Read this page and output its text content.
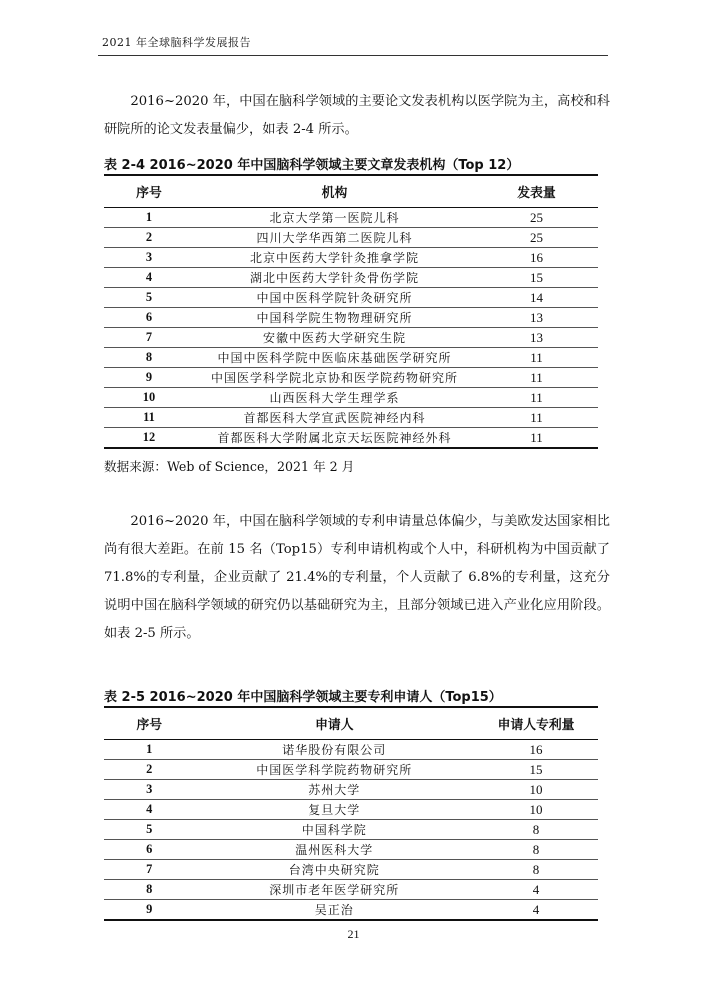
2021 年全球脑科学发展报告
2016~2020 年，中国在脑科学领域的主要论文发表机构以医学院为主，高校和科研院所的论文发表量偏少，如表 2-4 所示。
表 2-4 2016~2020 年中国脑科学领域主要文章发表机构（Top 12）
序号	机构	发表量
1	北京大学第一医院儿科	25
2	四川大学华西第二医院儿科	25
3	北京中医药大学针灸推拿学院	16
4	湖北中医药大学针灸骨伤学院	15
5	中国中医科学院针灸研究所	14
6	中国科学院生物物理研究所	13
7	安徽中医药大学研究生院	13
8	中国中医科学院中医临床基础医学研究所	11
9	中国医学科学院北京协和医学院药物研究所	11
10	山西医科大学生理学系	11
11	首都医科大学宣武医院神经内科	11
12	首都医科大学附属北京天坛医院神经外科	11
数据来源：Web of Science，2021 年 2 月
2016~2020 年，中国在脑科学领域的专利申请量总体偏少，与美欧发达国家相比尚有很大差距。在前 15 名（Top15）专利申请机构或个人中，科研机构为中国贡献了 71.8%的专利量，企业贡献了 21.4%的专利量，个人贡献了 6.8%的专利量，这充分说明中国在脑科学领域的研究仍以基础研究为主，且部分领域已进入产业化应用阶段。如表 2-5 所示。
表 2-5 2016~2020 年中国脑科学领域主要专利申请人（Top15）
序号	申请人	申请人专利量
1	诺华股份有限公司	16
2	中国医学科学院药物研究所	15
3	苏州大学	10
4	复旦大学	10
5	中国科学院	8
6	温州医科大学	8
7	台湾中央研究院	8
8	深圳市老年医学研究所	4
9	吴正治	4
21
